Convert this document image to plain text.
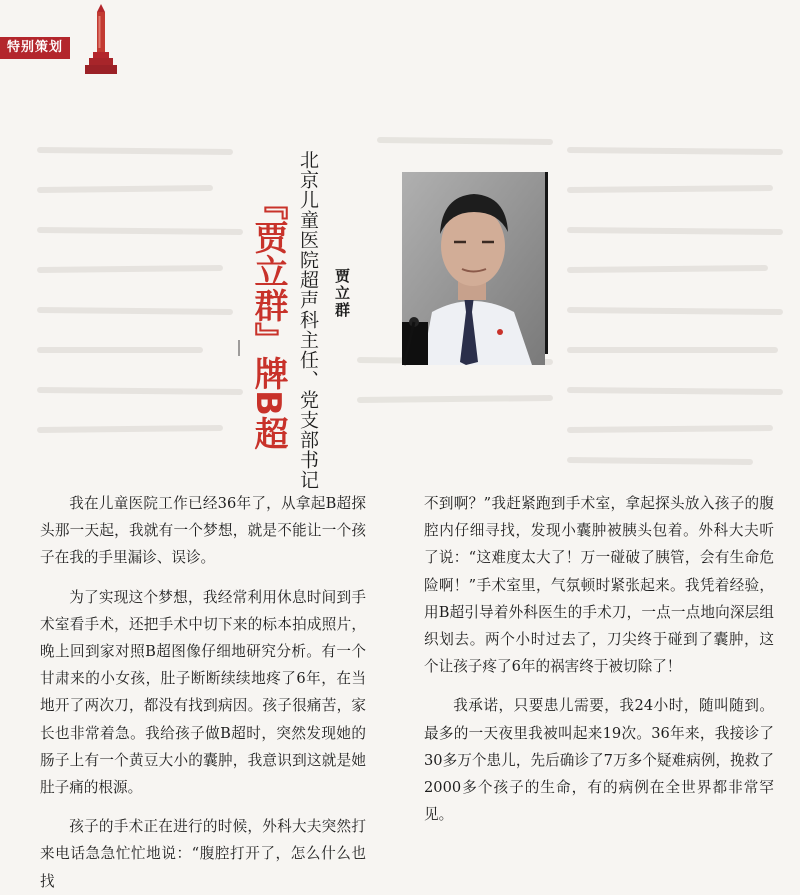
特别策划
『贾立群』牌B超 北京儿童医院超声科主任、党支部书记 贾立群

我在儿童医院工作已经36年了，从拿起B超探头那一天起，我就有一个梦想，就是不能让一个孩子在我的手里漏诊、误诊。

为了实现这个梦想，我经常利用休息时间到手术室看手术，还把手术中切下来的标本拍成照片，晚上回到家对照B超图像仔细地研究分析。有一个甘肃来的小女孩，肚子断断续续地疼了6年，在当地开了两次刀，都没有找到病因。孩子很痛苦，家长也非常着急。我给孩子做B超时，突然发现她的肠子上有一个黄豆大小的囊肿，我意识到这就是她肚子痛的根源。

孩子的手术正在进行的时候，外科大夫突然打来电话急急忙忙地说：“腹腔打开了，怎么什么也找

不到啊？”我赶紧跑到手术室，拿起探头放入孩子的腹腔内仔细寻找，发现小囊肿被胰头包着。外科大夫听了说：“这难度太大了！万一碰破了胰管，会有生命危险啊！”手术室里，气氛顿时紧张起来。我凭着经验，用B超引导着外科医生的手术刀，一点一点地向深层组织划去。两个小时过去了，刀尖终于碰到了囊肿，这个让孩子疼了6年的祸害终于被切除了！

我承诺，只要患儿需要，我24小时，随叫随到。最多的一天夜里我被叫起来19次。36年来，我接诊了30多万个患儿，先后确诊了7万多个疑难病例，挽救了2000多个孩子的生命，有的病例在全世界都非常罕见。
